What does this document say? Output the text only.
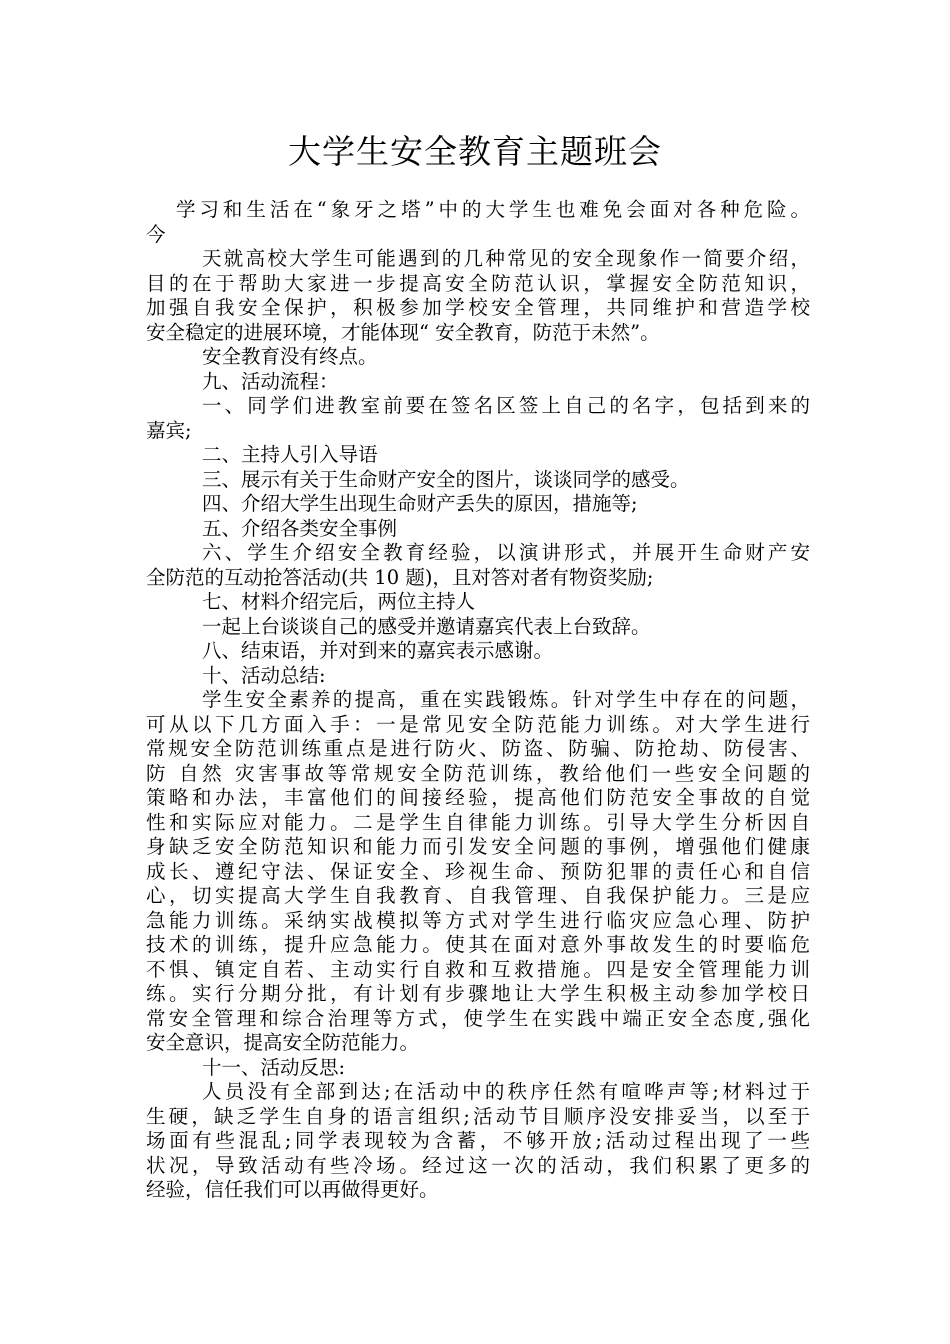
大学生安全教育主题班会
学习和生活在“象牙之塔”中的大学生也难免会面对各种危险。
今
天就高校大学生可能遇到的几种常见的安全现象作一简要介绍，
目的在于帮助大家进一步提高安全防范认识，掌握安全防范知识，
加强自我安全保护，积极参加学校安全管理，共同维护和营造学校
安全稳定的进展环境，才能体现“ 安全教育，防范于未然”。
安全教育没有终点。
九、活动流程：
一、同学们进教室前要在签名区签上自己的名字，包括到来的
嘉宾;
二、主持人引入导语
三、展示有关于生命财产安全的图片，谈谈同学的感受。
四、介绍大学生出现生命财产丢失的原因，措施等;
五、介绍各类安全事例
六、学生介绍安全教育经验，以演讲形式，并展开生命财产安
全防范的互动抢答活动(共 10 题)，且对答对者有物资奖励;
七、材料介绍完后，两位主持人
一起上台谈谈自己的感受并邀请嘉宾代表上台致辞。
八、结束语，并对到来的嘉宾表示感谢。
十、活动总结:
学生安全素养的提高，重在实践锻炼。针对学生中存在的问题，
可从以下几方面入手：一是常见安全防范能力训练。对大学生进行
常规安全防范训练重点是进行防火、防盗、防骗、防抢劫、防侵害、
防 自然 灾害事故等常规安全防范训练，教给他们一些安全问题的
策略和办法，丰富他们的间接经验，提高他们防范安全事故的自觉
性和实际应对能力。二是学生自律能力训练。引导大学生分析因自
身缺乏安全防范知识和能力而引发安全问题的事例，增强他们健康
成长、遵纪守法、保证安全、珍视生命、预防犯罪的责任心和自信
心，切实提高大学生自我教育、自我管理、自我保护能力。三是应
急能力训练。采纳实战模拟等方式对学生进行临灾应急心理、防护
技术的训练，提升应急能力。使其在面对意外事故发生的时要临危
不惧、镇定自若、主动实行自救和互救措施。四是安全管理能力训
练。实行分期分批，有计划有步骤地让大学生积极主动参加学校日
常安全管理和综合治理等方式，使学生在实践中端正安全态度,强化
安全意识，提高安全防范能力。
十一、活动反思:
人员没有全部到达;在活动中的秩序任然有喧哗声等;材料过于
生硬，缺乏学生自身的语言组织;活动节目顺序没安排妥当，以至于
场面有些混乱;同学表现较为含蓄，不够开放;活动过程出现了一些
状况，导致活动有些冷场。经过这一次的活动，我们积累了更多的
经验，信任我们可以再做得更好。
